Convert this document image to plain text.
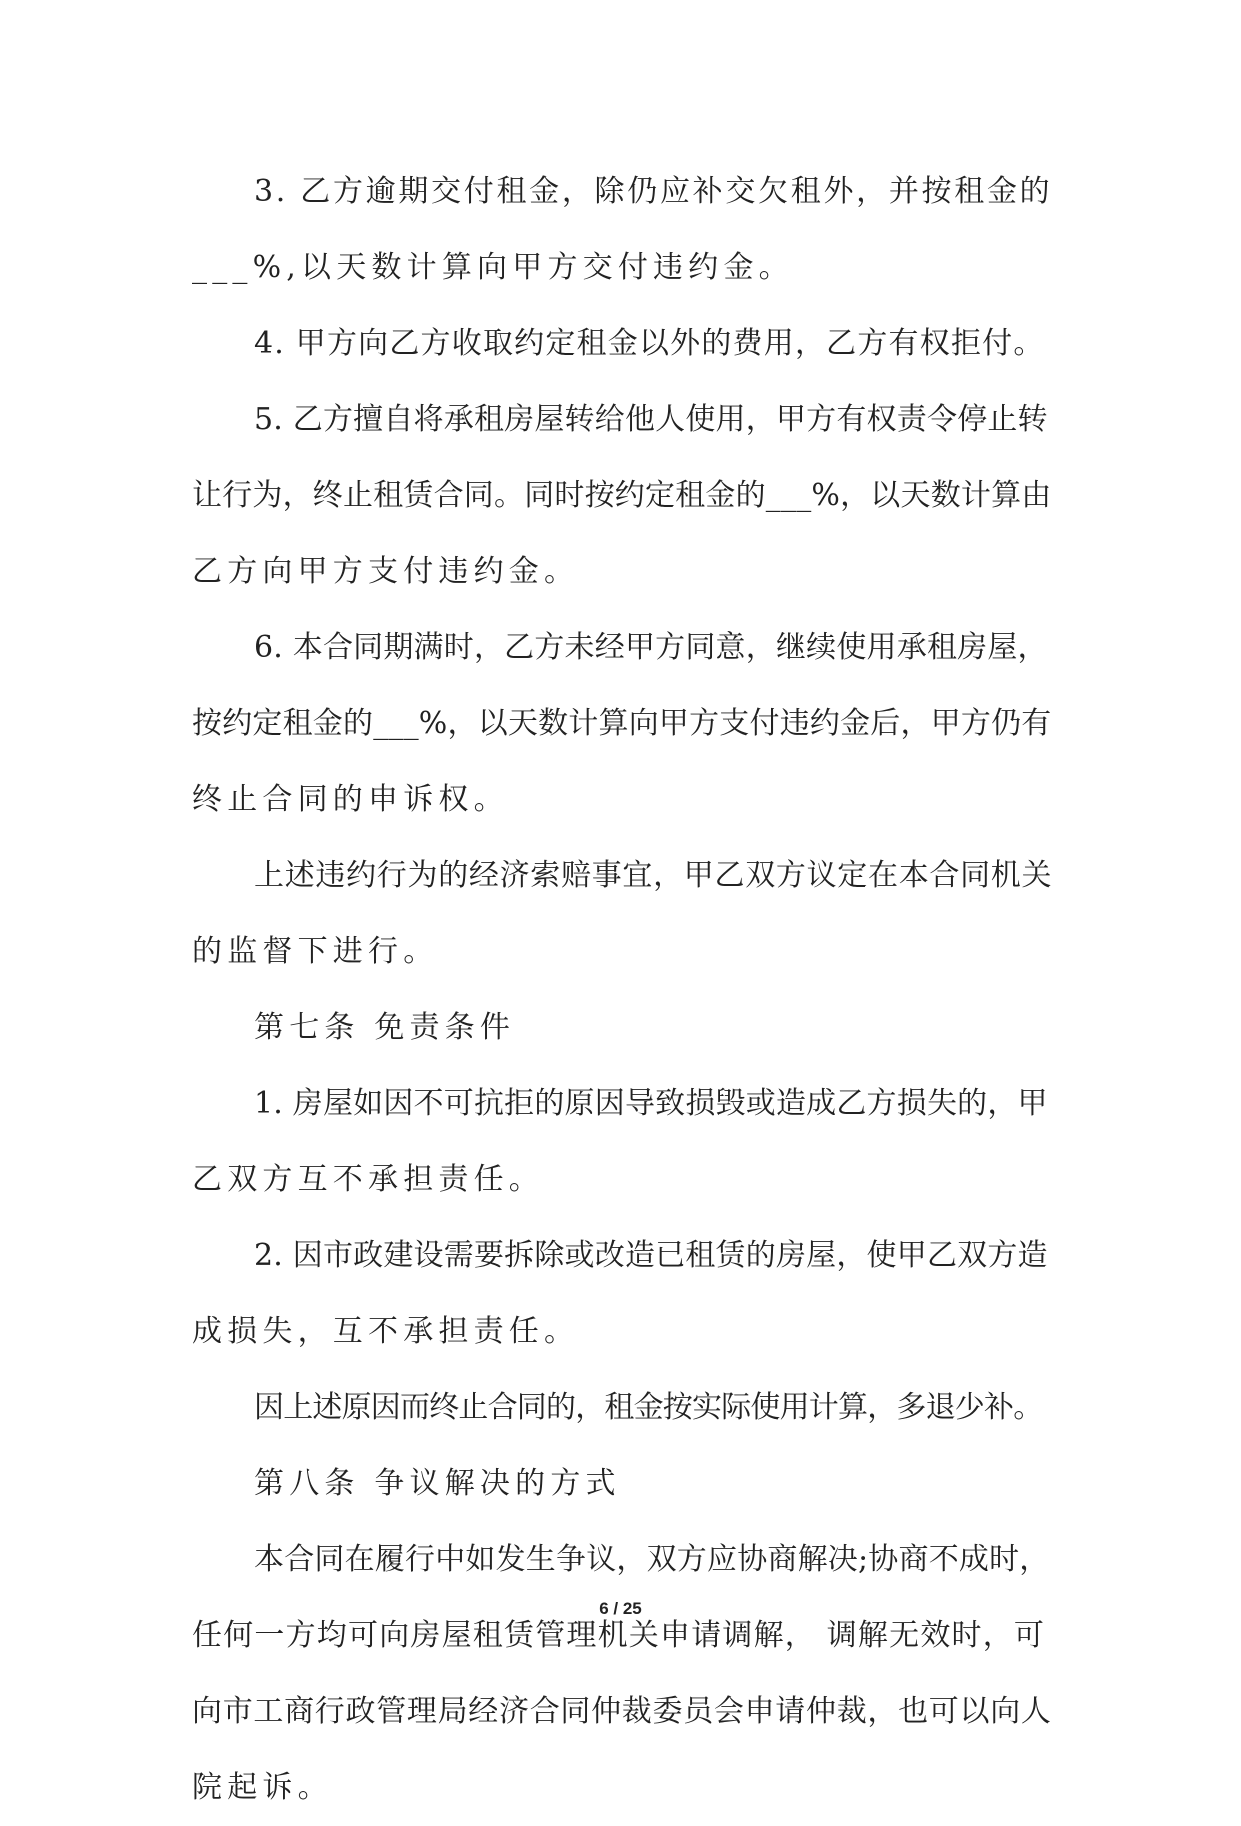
3. 乙方逾期交付租金，除仍应补交欠租外，并按租金的
___%,以天数计算向甲方交付违约金。
4. 甲方向乙方收取约定租金以外的费用，乙方有权拒付。
5. 乙方擅自将承租房屋转给他人使用，甲方有权责令停止转
让行为，终止租赁合同。同时按约定租金的___%，以天数计算由
乙方向甲方支付违约金。
6. 本合同期满时，乙方未经甲方同意，继续使用承租房屋，
按约定租金的___%，以天数计算向甲方支付违约金后，甲方仍有
终止合同的申诉权。
上述违约行为的经济索赔事宜，甲乙双方议定在本合同机关
的监督下进行。
第七条 免责条件
1. 房屋如因不可抗拒的原因导致损毁或造成乙方损失的，甲
乙双方互不承担责任。
2. 因市政建设需要拆除或改造已租赁的房屋，使甲乙双方造
成损失，互不承担责任。
因上述原因而终止合同的，租金按实际使用计算，多退少补。
第八条 争议解决的方式
本合同在履行中如发生争议，双方应协商解决;协商不成时，
任何一方均可向房屋租赁管理机关申请调解， 调解无效时，可
向市工商行政管理局经济合同仲裁委员会申请仲裁，也可以向人
院起诉。
6 / 25
